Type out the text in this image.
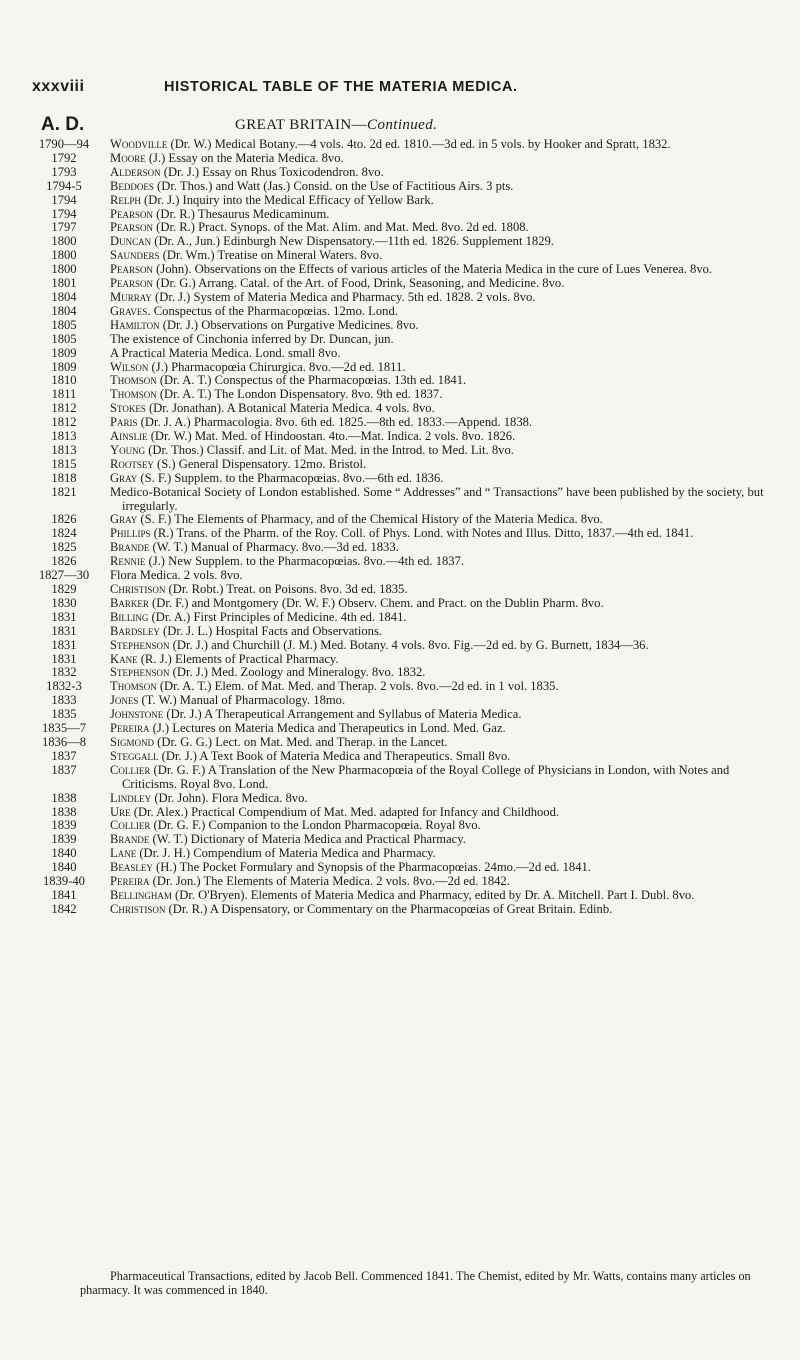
xxxviii	HISTORICAL TABLE OF THE MATERIA MEDICA.
A. D.	GREAT BRITAIN—Continued.
1790—94	Woodville (Dr. W.) Medical Botany.—4 vols. 4to. 2d ed. 1810.—3d ed. in 5 vols. by Hooker and Spratt, 1832.
1792	Moore (J.) Essay on the Materia Medica. 8vo.
1793	Alderson (Dr. J.) Essay on Rhus Toxicodendron. 8vo.
1794-5	Beddoes (Dr. Thos.) and Watt (Jas.) Consid. on the Use of Factitious Airs. 3 pts.
1794	Relph (Dr. J.) Inquiry into the Medical Efficacy of Yellow Bark.
1794	Pearson (Dr. R.) Thesaurus Medicaminum.
1797	Pearson (Dr. R.) Pract. Synops. of the Mat. Alim. and Mat. Med. 8vo. 2d ed. 1808.
1800	Duncan (Dr. A., Jun.) Edinburgh New Dispensatory.—11th ed. 1826. Supplement 1829.
1800	Saunders (Dr. Wm.) Treatise on Mineral Waters. 8vo.
1800	Pearson (John). Observations on the Effects of various articles of the Materia Medica in the cure of Lues Venerea. 8vo.
1801	Pearson (Dr. G.) Arrang. Catal. of the Art. of Food, Drink, Seasoning, and Medicine. 8vo.
1804	Murray (Dr. J.) System of Materia Medica and Pharmacy. 5th ed. 1828. 2 vols. 8vo.
1804	Graves. Conspectus of the Pharmacopœias. 12mo. Lond.
1805	Hamilton (Dr. J.) Observations on Purgative Medicines. 8vo.
1805	The existence of Cinchonia inferred by Dr. Duncan, jun.
1809	A Practical Materia Medica. Lond. small 8vo.
1809	Wilson (J.) Pharmacopœia Chirurgica. 8vo.—2d ed. 1811.
1810	Thomson (Dr. A. T.) Conspectus of the Pharmacopœias. 13th ed. 1841.
1811	Thomson (Dr. A. T.) The London Dispensatory. 8vo. 9th ed. 1837.
1812	Stokes (Dr. Jonathan). A Botanical Materia Medica. 4 vols. 8vo.
1812	Paris (Dr. J. A.) Pharmacologia. 8vo. 6th ed. 1825.—8th ed. 1833.—Append. 1838.
1813	Ainslie (Dr. W.) Mat. Med. of Hindoostan. 4to.—Mat. Indica. 2 vols. 8vo. 1826.
1813	Young (Dr. Thos.) Classif. and Lit. of Mat. Med. in the Introd. to Med. Lit. 8vo.
1815	Rootsey (S.) General Dispensatory. 12mo. Bristol.
1818	Gray (S. F.) Supplem. to the Pharmacopœias. 8vo.—6th ed. 1836.
1821	Medico-Botanical Society of London established. Some “ Addresses” and “ Transactions” have been published by the society, but irregularly.
1826	Gray (S. F.) The Elements of Pharmacy, and of the Chemical History of the Materia Medica. 8vo.
1824	Phillips (R.) Trans. of the Pharm. of the Roy. Coll. of Phys. Lond. with Notes and Illus. Ditto, 1837.—4th ed. 1841.
1825	Brande (W. T.) Manual of Pharmacy. 8vo.—3d ed. 1833.
1826	Rennie (J.) New Supplem. to the Pharmacopœias. 8vo.—4th ed. 1837.
1827—30	Flora Medica. 2 vols. 8vo.
1829	Christison (Dr. Robt.) Treat. on Poisons. 8vo. 3d ed. 1835.
1830	Barker (Dr. F.) and Montgomery (Dr. W. F.) Observ. Chem. and Pract. on the Dublin Pharm. 8vo.
1831	Billing (Dr. A.) First Principles of Medicine. 4th ed. 1841.
1831	Bardsley (Dr. J. L.) Hospital Facts and Observations.
1831	Stephenson (Dr. J.) and Churchill (J. M.) Med. Botany. 4 vols. 8vo. Fig.—2d ed. by G. Burnett, 1834—36.
1831	Kane (R. J.) Elements of Practical Pharmacy.
1832	Stephenson (Dr. J.) Med. Zoology and Mineralogy. 8vo. 1832.
1832-3	Thomson (Dr. A. T.) Elem. of Mat. Med. and Therap. 2 vols. 8vo.—2d ed. in 1 vol. 1835.
1833	Jones (T. W.) Manual of Pharmacology. 18mo.
1835	Johnstone (Dr. J.) A Therapeutical Arrangement and Syllabus of Materia Medica.
1835—7	Pereira (J.) Lectures on Materia Medica and Therapeutics in Lond. Med. Gaz.
1836—8	Sigmond (Dr. G. G.) Lect. on Mat. Med. and Therap. in the Lancet.
1837	Steggall (Dr. J.) A Text Book of Materia Medica and Therapeutics. Small 8vo.
1837	Collier (Dr. G. F.) A Translation of the New Pharmacopœia of the Royal College of Physicians in London, with Notes and Criticisms. Royal 8vo. Lond.
1838	Lindley (Dr. John). Flora Medica. 8vo.
1838	Ure (Dr. Alex.) Practical Compendium of Mat. Med. adapted for Infancy and Childhood.
1839	Collier (Dr. G. F.) Companion to the London Pharmacopœia. Royal 8vo.
1839	Brande (W. T.) Dictionary of Materia Medica and Practical Pharmacy.
1840	Lane (Dr. J. H.) Compendium of Materia Medica and Pharmacy.
1840	Beasley (H.) The Pocket Formulary and Synopsis of the Pharmacopœias. 24mo.—2d ed. 1841.
1839-40	Pereira (Dr. Jon.) The Elements of Materia Medica. 2 vols. 8vo.—2d ed. 1842.
1841	Bellingham (Dr. O'Bryen). Elements of Materia Medica and Pharmacy, edited by Dr. A. Mitchell. Part I. Dubl. 8vo.
1842	Christison (Dr. R.) A Dispensatory, or Commentary on the Pharmacopœias of Great Britain. Edinb.
Pharmaceutical Transactions, edited by Jacob Bell. Commenced 1841. The Chemist, edited by Mr. Watts, contains many articles on pharmacy. It was commenced in 1840.
